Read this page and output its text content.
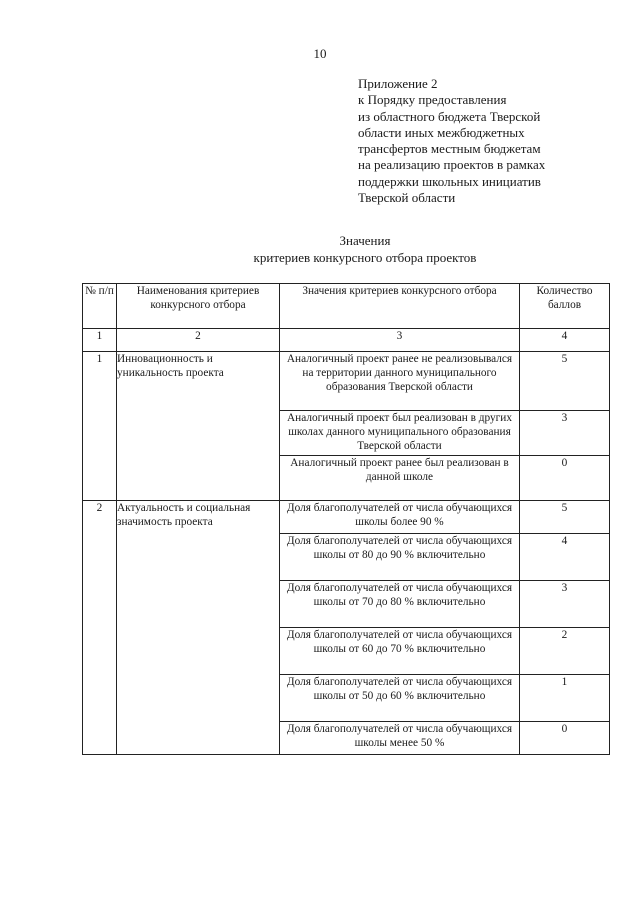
10
Приложение 2
к Порядку предоставления
из областного бюджета Тверской
области иных межбюджетных
трансфертов местным бюджетам
на реализацию проектов в рамках
поддержки школьных инициатив
Тверской области
Значения
критериев конкурсного отбора проектов
№ п/п	Наименования критериев конкурсного отбора	Значения критериев конкурсного отбора	Количество баллов
1	2	3	4
1	Инновационность и уникальность проекта	Аналогичный проект ранее не реализовывался на территории данного муниципального образования Тверской области	5
		Аналогичный проект был реализован в других школах данного муниципального образования Тверской области	3
		Аналогичный проект ранее был реализован в данной школе	0
2	Актуальность и социальная значимость проекта	Доля благополучателей от числа обучающихся школы более 90 %	5
		Доля благополучателей от числа обучающихся школы от 80 до 90 % включительно	4
		Доля благополучателей от числа обучающихся школы от 70 до 80 % включительно	3
		Доля благополучателей от числа обучающихся школы от 60 до 70 % включительно	2
		Доля благополучателей от числа обучающихся школы от 50 до 60 % включительно	1
		Доля благополучателей от числа обучающихся школы менее 50 %	0
